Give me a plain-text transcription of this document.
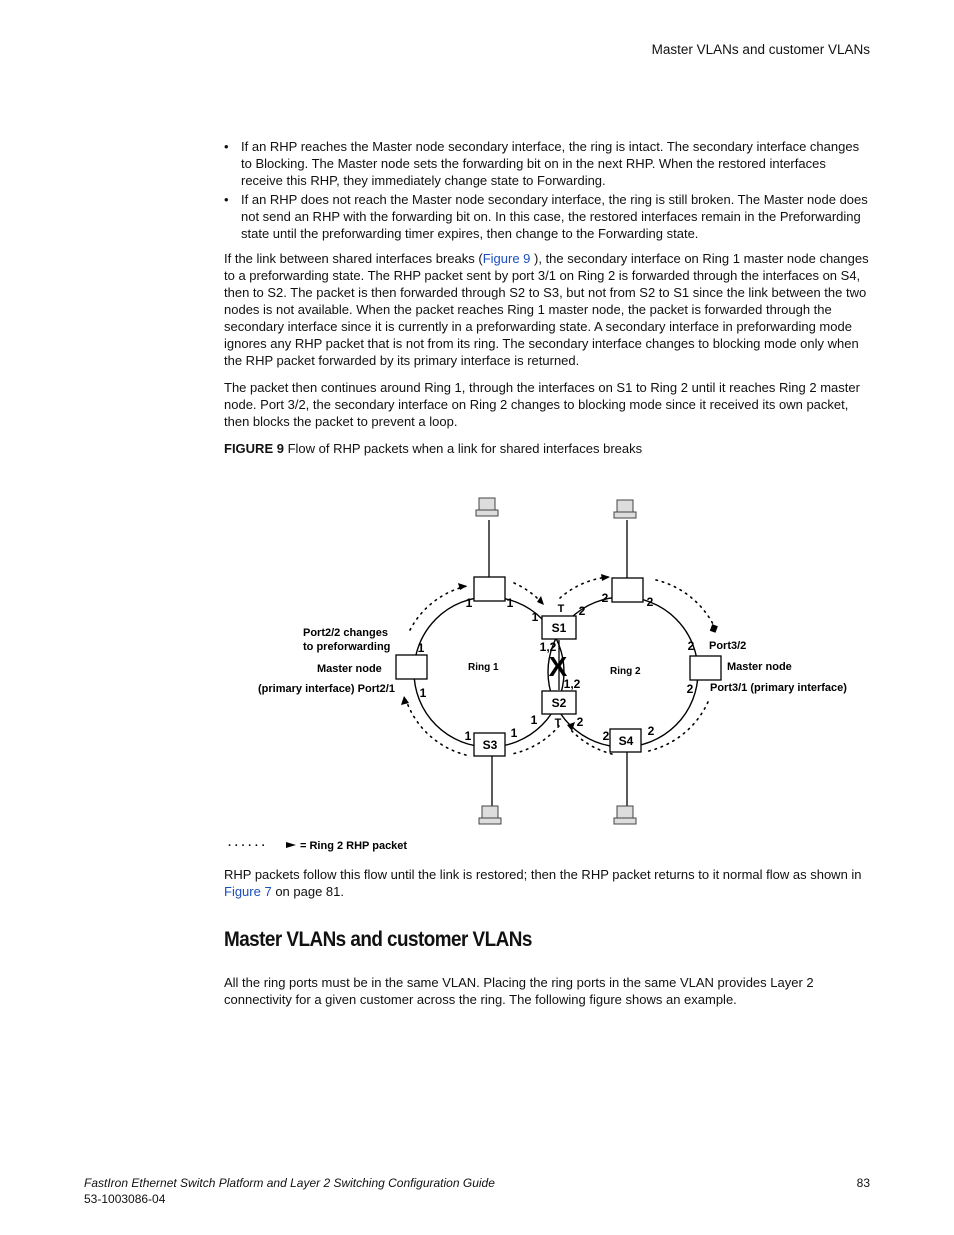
Master VLANs and customer VLANs
• If an RHP reaches the Master node secondary interface, the ring is intact. The secondary interface changes to Blocking. The Master node sets the forwarding bit on in the next RHP. When the restored interfaces receive this RHP, they immediately change state to Forwarding.
• If an RHP does not reach the Master node secondary interface, the ring is still broken. The Master node does not send an RHP with the forwarding bit on. In this case, the restored interfaces remain in the Preforwarding state until the preforwarding timer expires, then change to the Forwarding state.

If the link between shared interfaces breaks (Figure 9 ), the secondary interface on Ring 1 master node changes to a preforwarding state. The RHP packet sent by port 3/1 on Ring 2 is forwarded through the interfaces on S4, then to S2. The packet is then forwarded through S2 to S3, but not from S2 to S1 since the link between the two nodes is not available. When the packet reaches Ring 1 master node, the packet is forwarded through the secondary interface since it is currently in a preforwarding state. A secondary interface in preforwarding mode ignores any RHP packet that is not from its ring. The secondary interface changes to blocking mode only when the RHP packet forwarded by its primary interface is returned.

The packet then continues around Ring 1, through the interfaces on S1 to Ring 2 until it reaches Ring 2 master node. Port 3/2, the secondary interface on Ring 2 changes to blocking mode since it received its own packet, then blocks the packet to prevent a loop.

FIGURE 9 Flow of RHP packets when a link for shared interfaces breaks
S1
S2
S3	S4
X
Ring 1	Ring 2
1	1
1	2
2	2
1,2
1,2
1
1
2
2
1	2
1	1	2	2
T
T
Port2/2 changes
to preforwarding
Master node
(primary interface) Port2/1
Port3/2
Master node
Port3/1 (primary interface)
· · · · · ·	= Ring 2 RHP packet
RHP packets follow this flow until the link is restored; then the RHP packet returns to it normal flow as shown in Figure 7 on page 81.
Master VLANs and customer VLANs
All the ring ports must be in the same VLAN. Placing the ring ports in the same VLAN provides Layer 2 connectivity for a given customer across the ring. The following figure shows an example.
FastIron Ethernet Switch Platform and Layer 2 Switching Configuration Guide
53-1003086-04
83
